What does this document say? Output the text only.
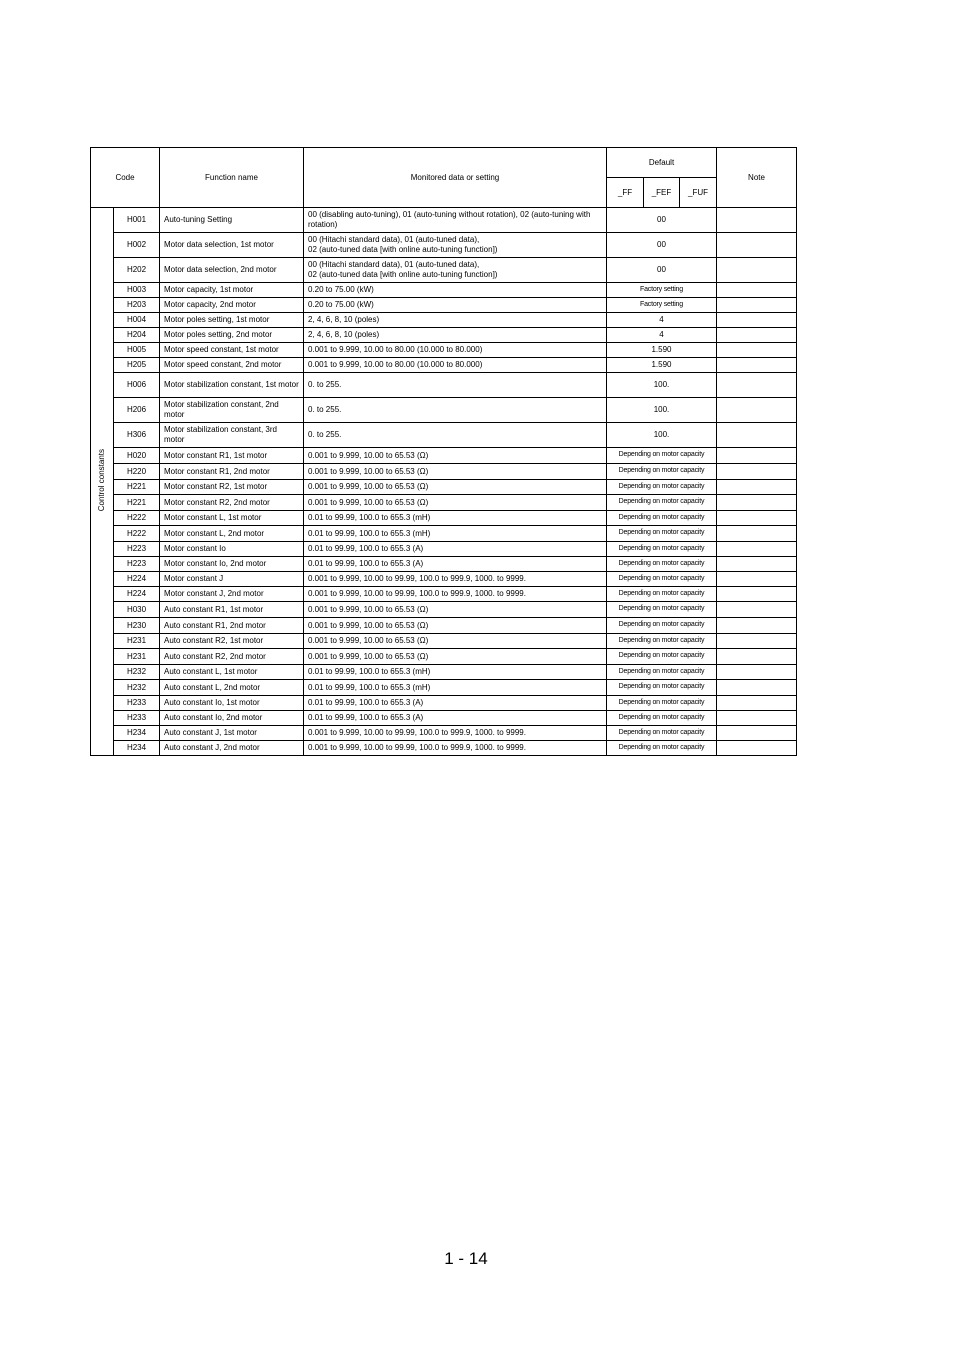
Code		Function name	Monitored data or setting	Default			Note
				_FF	_FEF	_FUF	
Control constants	H001	Auto-tuning Setting	00 (disabling auto-tuning), 01 (auto-tuning without rotation), 02 (auto-tuning with rotation)	00			
	H002	Motor data selection, 1st motor	00 (Hitachi standard data), 01 (auto-tuned data),
02 (auto-tuned data [with online auto-tuning function])	00			
	H202	Motor data selection, 2nd motor	00 (Hitachi standard data), 01 (auto-tuned data),
02 (auto-tuned data [with online auto-tuning function])	00			
	H003	Motor capacity, 1st motor	0.20 to 75.00 (kW)	Factory setting			
	H203	Motor capacity, 2nd motor	0.20 to 75.00 (kW)	Factory setting			
	H004	Motor poles setting, 1st motor	2, 4, 6, 8, 10 (poles)	4			
	H204	Motor poles setting, 2nd motor	2, 4, 6, 8, 10 (poles)	4			
	H005	Motor speed constant, 1st motor	0.001 to 9.999, 10.00 to 80.00 (10.000 to 80.000)	1.590			
	H205	Motor speed constant, 2nd motor	0.001 to 9.999, 10.00 to 80.00 (10.000 to 80.000)	1.590			
	H006	Motor stabilization constant, 1st motor	0. to 255.	100.			
	H206	Motor stabilization constant, 2nd motor	0. to 255.	100.			
	H306	Motor stabilization constant, 3rd motor	0. to 255.	100.			
	H020	Motor constant R1, 1st motor	0.001 to 9.999, 10.00 to 65.53 (Ω)	Depending on motor capacity			
	H220	Motor constant R1, 2nd motor	0.001 to 9.999, 10.00 to 65.53 (Ω)	Depending on motor capacity			
	H221	Motor constant R2, 1st motor	0.001 to 9.999, 10.00 to 65.53 (Ω)	Depending on motor capacity			
	H221	Motor constant R2, 2nd motor	0.001 to 9.999, 10.00 to 65.53 (Ω)	Depending on motor capacity			
	H222	Motor constant L, 1st motor	0.01 to 99.99, 100.0 to 655.3 (mH)	Depending on motor capacity			
	H222	Motor constant L, 2nd motor	0.01 to 99.99, 100.0 to 655.3 (mH)	Depending on motor capacity			
	H223	Motor constant Io	0.01 to 99.99, 100.0 to 655.3 (A)	Depending on motor capacity			
	H223	Motor constant Io, 2nd motor	0.01 to 99.99, 100.0 to 655.3 (A)	Depending on motor capacity			
	H224	Motor constant J	0.001 to 9.999, 10.00 to 99.99, 100.0 to 999.9, 1000. to 9999.	Depending on motor capacity			
	H224	Motor constant J, 2nd motor	0.001 to 9.999, 10.00 to 99.99, 100.0 to 999.9, 1000. to 9999.	Depending on motor capacity			
	H030	Auto constant R1, 1st motor	0.001 to 9.999, 10.00 to 65.53 (Ω)	Depending on motor capacity			
	H230	Auto constant R1, 2nd motor	0.001 to 9.999, 10.00 to 65.53 (Ω)	Depending on motor capacity			
	H231	Auto constant R2, 1st motor	0.001 to 9.999, 10.00 to 65.53 (Ω)	Depending on motor capacity			
	H231	Auto constant R2, 2nd motor	0.001 to 9.999, 10.00 to 65.53 (Ω)	Depending on motor capacity			
	H232	Auto constant L, 1st motor	0.01 to 99.99, 100.0 to 655.3 (mH)	Depending on motor capacity			
	H232	Auto constant L, 2nd motor	0.01 to 99.99, 100.0 to 655.3 (mH)	Depending on motor capacity			
	H233	Auto constant Io, 1st motor	0.01 to 99.99, 100.0 to 655.3 (A)	Depending on motor capacity			
	H233	Auto constant Io, 2nd motor	0.01 to 99.99, 100.0 to 655.3 (A)	Depending on motor capacity			
	H234	Auto constant J, 1st motor	0.001 to 9.999, 10.00 to 99.99, 100.0 to 999.9, 1000. to 9999.	Depending on motor capacity			
	H234	Auto constant J, 2nd motor	0.001 to 9.999, 10.00 to 99.99, 100.0 to 999.9, 1000. to 9999.	Depending on motor capacity			
1 - 14
